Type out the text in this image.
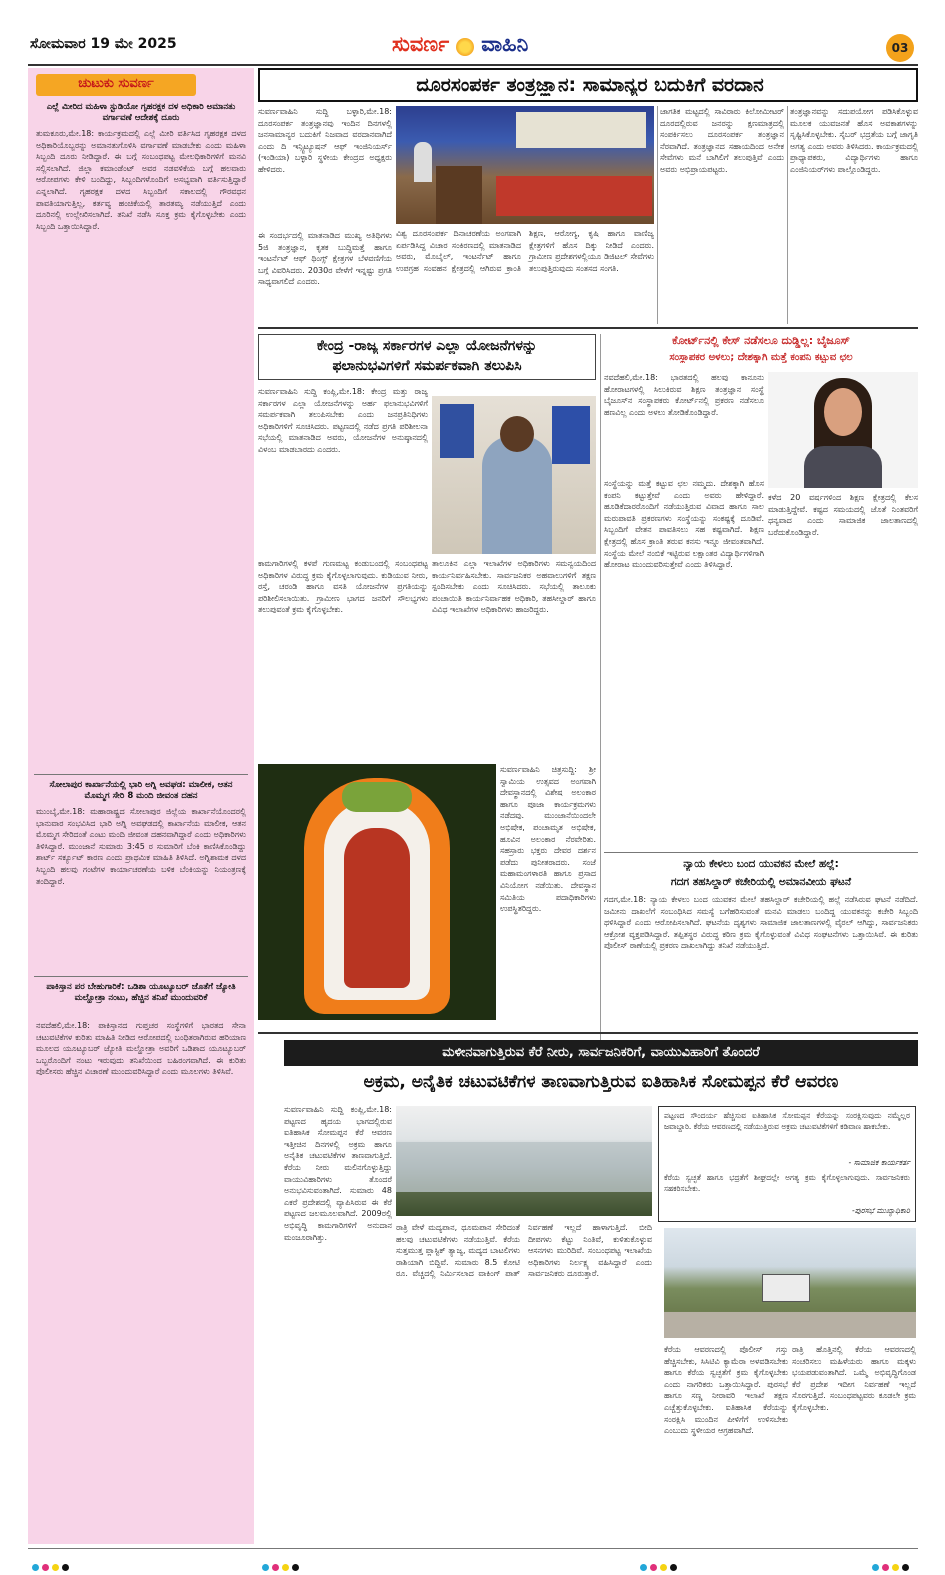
ಸೋಮವಾರ 19 ಮೇ 2025	ಸುವರ್ಣ ವಾಹಿನಿ	03
ಚುಟುಕು ಸುವರ್ಣ
ಎಲ್ಲೆ ಮೀರಿದ ಮಹಿಳಾ ಸ್ಟುಡಿಯೋ ಗೃಹರಕ್ಷಕ ದಳ ಅಧಿಕಾರಿ ಅಮಾನತು ವರ್ಗಾವಣೆ ಆದೇಶಕ್ಕೆ ದೂರು
ತುಮಕೂರು,ಮೇ.18: ಕಾರ್ಯಕ್ರಮದಲ್ಲಿ ಎಲ್ಲೆ ಮೀರಿ ವರ್ತಿಸಿದ ಗೃಹರಕ್ಷಕ ದಳದ ಅಧಿಕಾರಿಯೊಬ್ಬರನ್ನು ಅಮಾನತುಗೊಳಿಸಿ ವರ್ಗಾವಣೆ ಮಾಡಬೇಕು ಎಂದು ಮಹಿಳಾ ಸಿಬ್ಬಂದಿ ದೂರು ನೀಡಿದ್ದಾರೆ. ಈ ಬಗ್ಗೆ ಸಂಬಂಧಪಟ್ಟ ಮೇಲಧಿಕಾರಿಗಳಿಗೆ ಮನವಿ ಸಲ್ಲಿಸಲಾಗಿದೆ. ಜಿಲ್ಲಾ ಕಮಾಂಡೆಂಟ್ ಅವರ ನಡವಳಿಕೆಯ ಬಗ್ಗೆ ಹಲವಾರು ಆರೋಪಗಳು ಕೇಳಿ ಬಂದಿದ್ದು, ಸಿಬ್ಬಂದಿಗಳೊಂದಿಗೆ ಅಸಭ್ಯವಾಗಿ ವರ್ತಿಸುತ್ತಿದ್ದಾರೆ ಎನ್ನಲಾಗಿದೆ. ಗೃಹರಕ್ಷಕ ದಳದ ಸಿಬ್ಬಂದಿಗೆ ಸಕಾಲದಲ್ಲಿ ಗೌರವಧನ ಪಾವತಿಯಾಗುತ್ತಿಲ್ಲ, ಕರ್ತವ್ಯ ಹಂಚಿಕೆಯಲ್ಲಿ ತಾರತಮ್ಯ ನಡೆಯುತ್ತಿದೆ ಎಂದು ದೂರಿನಲ್ಲಿ ಉಲ್ಲೇಖಿಸಲಾಗಿದೆ. ತನಿಖೆ ನಡೆಸಿ ಸೂಕ್ತ ಕ್ರಮ ಕೈಗೊಳ್ಳಬೇಕು ಎಂದು ಸಿಬ್ಬಂದಿ ಒತ್ತಾಯಿಸಿದ್ದಾರೆ.
ಸೋಲಾಪುರ ಕಾರ್ಖಾನೆಯಲ್ಲಿ ಭಾರಿ ಅಗ್ನಿ ಅವಘಡ: ಮಾಲೀಕ, ಆತನ ಮೊಮ್ಮಗ ಸೇರಿ 8 ಮಂದಿ ಜೀವಂತ ದಹನ
ಮುಂಬೈ,ಮೇ.18: ಮಹಾರಾಷ್ಟ್ರದ ಸೋಲಾಪುರ ಜಿಲ್ಲೆಯ ಕಾರ್ಖಾನೆಯೊಂದರಲ್ಲಿ ಭಾನುವಾರ ಸಂಭವಿಸಿದ ಭಾರಿ ಅಗ್ನಿ ಅವಘಡದಲ್ಲಿ ಕಾರ್ಖಾನೆಯ ಮಾಲೀಕ, ಆತನ ಮೊಮ್ಮಗ ಸೇರಿದಂತೆ ಎಂಟು ಮಂದಿ ಜೀವಂತ ದಹನವಾಗಿದ್ದಾರೆ ಎಂದು ಅಧಿಕಾರಿಗಳು ತಿಳಿಸಿದ್ದಾರೆ. ಮುಂಜಾನೆ ಸುಮಾರು 3:45 ರ ಸುಮಾರಿಗೆ ಬೆಂಕಿ ಕಾಣಿಸಿಕೊಂಡಿದ್ದು ಶಾರ್ಟ್ ಸರ್ಕ್ಯೂಟ್ ಕಾರಣ ಎಂದು ಪ್ರಾಥಮಿಕ ಮಾಹಿತಿ ತಿಳಿಸಿದೆ. ಅಗ್ನಿಶಾಮಕ ದಳದ ಸಿಬ್ಬಂದಿ ಹಲವು ಗಂಟೆಗಳ ಕಾರ್ಯಾಚರಣೆಯ ಬಳಿಕ ಬೆಂಕಿಯನ್ನು ನಿಯಂತ್ರಣಕ್ಕೆ ತಂದಿದ್ದಾರೆ.
ಪಾಕಿಸ್ತಾನ ಪರ ಬೇಹುಗಾರಿಕೆ: ಒಡಿಶಾ ಯೂಟ್ಯೂಬರ್ ಜೊತೆಗೆ ಜ್ಯೋತಿ ಮಲ್ಹೋತ್ರಾ ನಂಟು, ಹೆಚ್ಚಿನ ತನಿಖೆ ಮುಂದುವರಿಕೆ
ನವದೆಹಲಿ,ಮೇ.18: ಪಾಕಿಸ್ತಾನದ ಗುಪ್ತಚರ ಸಂಸ್ಥೆಗಳಿಗೆ ಭಾರತದ ಸೇನಾ ಚಟುವಟಿಕೆಗಳ ಕುರಿತು ಮಾಹಿತಿ ನೀಡಿದ ಆರೋಪದಲ್ಲಿ ಬಂಧಿತರಾಗಿರುವ ಹರಿಯಾಣ ಮೂಲದ ಯೂಟ್ಯೂಬರ್ ಜ್ಯೋತಿ ಮಲ್ಹೋತ್ರಾ ಅವರಿಗೆ ಒಡಿಶಾದ ಯೂಟ್ಯೂಬರ್ ಒಬ್ಬರೊಂದಿಗೆ ನಂಟು ಇರುವುದು ತನಿಖೆಯಿಂದ ಬಹಿರಂಗವಾಗಿದೆ. ಈ ಕುರಿತು ಪೊಲೀಸರು ಹೆಚ್ಚಿನ ವಿಚಾರಣೆ ಮುಂದುವರಿಸಿದ್ದಾರೆ ಎಂದು ಮೂಲಗಳು ತಿಳಿಸಿವೆ.
ದೂರಸಂಪರ್ಕ ತಂತ್ರಜ್ಞಾನ: ಸಾಮಾನ್ಯರ ಬದುಕಿಗೆ ವರದಾನ
ಸುವರ್ಣವಾಹಿನಿ ಸುದ್ದಿ ಬಳ್ಳಾರಿ,ಮೇ.18: ದೂರಸಂಪರ್ಕ ತಂತ್ರಜ್ಞಾನವು ಇಂದಿನ ದಿನಗಳಲ್ಲಿ ಜನಸಾಮಾನ್ಯರ ಬದುಕಿಗೆ ನಿಜವಾದ ವರದಾನವಾಗಿದೆ ಎಂದು ದಿ ಇನ್ಸ್ಟಿಟ್ಯೂಷನ್ ಆಫ್ ಇಂಜಿನಿಯರ್ಸ್ (ಇಂಡಿಯಾ) ಬಳ್ಳಾರಿ ಸ್ಥಳೀಯ ಕೇಂದ್ರದ ಅಧ್ಯಕ್ಷರು ಹೇಳಿದರು.
ವಿಶ್ವ ದೂರಸಂಪರ್ಕ ದಿನಾಚರಣೆಯ ಅಂಗವಾಗಿ ಏರ್ಪಡಿಸಿದ್ದ ವಿಚಾರ ಸಂಕಿರಣದಲ್ಲಿ ಮಾತನಾಡಿದ ಅವರು, ಮೊಬೈಲ್, ಇಂಟರ್ನೆಟ್ ಹಾಗೂ ಉಪಗ್ರಹ ಸಂವಹನ ಕ್ಷೇತ್ರದಲ್ಲಿ ಆಗಿರುವ ಕ್ರಾಂತಿ ಶಿಕ್ಷಣ, ಆರೋಗ್ಯ, ಕೃಷಿ ಹಾಗೂ ವಾಣಿಜ್ಯ ಕ್ಷೇತ್ರಗಳಿಗೆ ಹೊಸ ದಿಕ್ಕು ನೀಡಿದೆ ಎಂದರು. ಗ್ರಾಮೀಣ ಪ್ರದೇಶಗಳಲ್ಲಿಯೂ ಡಿಜಿಟಲ್ ಸೇವೆಗಳು ತಲುಪುತ್ತಿರುವುದು ಸಂತಸದ ಸಂಗತಿ.
ಜಾಗತಿಕ ಮಟ್ಟದಲ್ಲಿ ಸಾವಿರಾರು ಕಿಲೋಮೀಟರ್ ದೂರದಲ್ಲಿರುವ ಜನರನ್ನು ಕ್ಷಣಮಾತ್ರದಲ್ಲಿ ಸಂಪರ್ಕಿಸಲು ದೂರಸಂಪರ್ಕ ತಂತ್ರಜ್ಞಾನ ನೆರವಾಗಿದೆ. ತಂತ್ರಜ್ಞಾನದ ಸಹಾಯದಿಂದ ಅನೇಕ ಸೇವೆಗಳು ಮನೆ ಬಾಗಿಲಿಗೆ ತಲುಪುತ್ತಿವೆ ಎಂದು ಅವರು ಅಭಿಪ್ರಾಯಪಟ್ಟರು.
ತಂತ್ರಜ್ಞಾನವನ್ನು ಸದುಪಯೋಗ ಪಡಿಸಿಕೊಳ್ಳುವ ಮೂಲಕ ಯುವಜನತೆ ಹೊಸ ಅವಕಾಶಗಳನ್ನು ಸೃಷ್ಟಿಸಿಕೊಳ್ಳಬೇಕು. ಸೈಬರ್ ಭದ್ರತೆಯ ಬಗ್ಗೆ ಜಾಗೃತಿ ಅಗತ್ಯ ಎಂದು ಅವರು ತಿಳಿಸಿದರು. ಕಾರ್ಯಕ್ರಮದಲ್ಲಿ ಪ್ರಾಧ್ಯಾಪಕರು, ವಿದ್ಯಾರ್ಥಿಗಳು ಹಾಗೂ ಎಂಜಿನಿಯರ್‌ಗಳು ಪಾಲ್ಗೊಂಡಿದ್ದರು.
ಈ ಸಂದರ್ಭದಲ್ಲಿ ಮಾತನಾಡಿದ ಮುಖ್ಯ ಅತಿಥಿಗಳು 5ಜಿ ತಂತ್ರಜ್ಞಾನ, ಕೃತಕ ಬುದ್ಧಿಮತ್ತೆ ಹಾಗೂ ಇಂಟರ್ನೆಟ್ ಆಫ್ ಥಿಂಗ್ಸ್ ಕ್ಷೇತ್ರಗಳ ಬೆಳವಣಿಗೆಯ ಬಗ್ಗೆ ವಿವರಿಸಿದರು. 2030ರ ವೇಳೆಗೆ ಇನ್ನಷ್ಟು ಪ್ರಗತಿ ಸಾಧ್ಯವಾಗಲಿದೆ ಎಂದರು.
ಕೇಂದ್ರ -ರಾಜ್ಯ ಸರ್ಕಾರಗಳ ಎಲ್ಲಾ ಯೋಜನೆಗಳನ್ನು
ಫಲಾನುಭವಿಗಳಿಗೆ ಸಮರ್ಪಕವಾಗಿ ತಲುಪಿಸಿ
ಸುವರ್ಣವಾಹಿನಿ ಸುದ್ದಿ ಕಂಪ್ಲಿ,ಮೇ.18: ಕೇಂದ್ರ ಮತ್ತು ರಾಜ್ಯ ಸರ್ಕಾರಗಳ ಎಲ್ಲಾ ಯೋಜನೆಗಳನ್ನು ಅರ್ಹ ಫಲಾನುಭವಿಗಳಿಗೆ ಸಮರ್ಪಕವಾಗಿ ತಲುಪಿಸಬೇಕು ಎಂದು ಜನಪ್ರತಿನಿಧಿಗಳು ಅಧಿಕಾರಿಗಳಿಗೆ ಸೂಚಿಸಿದರು. ಪಟ್ಟಣದಲ್ಲಿ ನಡೆದ ಪ್ರಗತಿ ಪರಿಶೀಲನಾ ಸಭೆಯಲ್ಲಿ ಮಾತನಾಡಿದ ಅವರು, ಯೋಜನೆಗಳ ಅನುಷ್ಠಾನದಲ್ಲಿ ವಿಳಂಬ ಮಾಡಬಾರದು ಎಂದರು.
ಕಾಮಗಾರಿಗಳಲ್ಲಿ ಕಳಪೆ ಗುಣಮಟ್ಟ ಕಂಡುಬಂದಲ್ಲಿ ಸಂಬಂಧಪಟ್ಟ ಅಧಿಕಾರಿಗಳ ವಿರುದ್ಧ ಕ್ರಮ ಕೈಗೊಳ್ಳಲಾಗುವುದು. ಕುಡಿಯುವ ನೀರು, ರಸ್ತೆ, ಚರಂಡಿ ಹಾಗೂ ವಸತಿ ಯೋಜನೆಗಳ ಪ್ರಗತಿಯನ್ನು ಪರಿಶೀಲಿಸಲಾಯಿತು. ಗ್ರಾಮೀಣ ಭಾಗದ ಜನರಿಗೆ ಸೌಲಭ್ಯಗಳು ತಲುಪುವಂತೆ ಕ್ರಮ ಕೈಗೊಳ್ಳಬೇಕು.
ತಾಲೂಕಿನ ಎಲ್ಲಾ ಇಲಾಖೆಗಳ ಅಧಿಕಾರಿಗಳು ಸಮನ್ವಯದಿಂದ ಕಾರ್ಯನಿರ್ವಹಿಸಬೇಕು. ಸಾರ್ವಜನಿಕರ ಅಹವಾಲುಗಳಿಗೆ ತಕ್ಷಣ ಸ್ಪಂದಿಸಬೇಕು ಎಂದು ಸೂಚಿಸಿದರು. ಸಭೆಯಲ್ಲಿ ತಾಲೂಕು ಪಂಚಾಯಿತಿ ಕಾರ್ಯನಿರ್ವಾಹಕ ಅಧಿಕಾರಿ, ತಹಸೀಲ್ದಾರ್ ಹಾಗೂ ವಿವಿಧ ಇಲಾಖೆಗಳ ಅಧಿಕಾರಿಗಳು ಹಾಜರಿದ್ದರು.
ಕೋರ್ಟ್‌ನಲ್ಲಿ ಕೇಸ್ ನಡೆಸಲೂ ದುಡ್ಡಿಲ್ಲ: ಬೈಜೂಸ್
ಸಂಸ್ಥಾಪಕರ ಅಳಲು; ದೇಶಕ್ಕಾಗಿ ಮತ್ತೆ ಕಂಪನಿ ಕಟ್ಟುವ ಛಲ
ನವದೆಹಲಿ,ಮೇ.18: ಭಾರತದಲ್ಲಿ ಹಲವು ಕಾನೂನು ಹೋರಾಟಗಳಲ್ಲಿ ಸಿಲುಕಿರುವ ಶಿಕ್ಷಣ ತಂತ್ರಜ್ಞಾನ ಸಂಸ್ಥೆ ಬೈಜೂಸ್‌ನ ಸಂಸ್ಥಾಪಕರು ಕೋರ್ಟ್‌ನಲ್ಲಿ ಪ್ರಕರಣ ನಡೆಸಲೂ ಹಣವಿಲ್ಲ ಎಂದು ಅಳಲು ತೋಡಿಕೊಂಡಿದ್ದಾರೆ.
ಸಂಸ್ಥೆಯನ್ನು ಮತ್ತೆ ಕಟ್ಟುವ ಛಲ ನಮ್ಮದು. ದೇಶಕ್ಕಾಗಿ ಹೊಸ ಕಂಪನಿ ಕಟ್ಟುತ್ತೇವೆ ಎಂದು ಅವರು ಹೇಳಿದ್ದಾರೆ. ಹೂಡಿಕೆದಾರರೊಂದಿಗೆ ನಡೆಯುತ್ತಿರುವ ವಿವಾದ ಹಾಗೂ ಸಾಲ ಮರುಪಾವತಿ ಪ್ರಕರಣಗಳು ಸಂಸ್ಥೆಯನ್ನು ಸಂಕಷ್ಟಕ್ಕೆ ದೂಡಿವೆ. ಸಿಬ್ಬಂದಿಗೆ ವೇತನ ಪಾವತಿಸಲು ಸಹ ಕಷ್ಟವಾಗಿದೆ. ಶಿಕ್ಷಣ ಕ್ಷೇತ್ರದಲ್ಲಿ ಹೊಸ ಕ್ರಾಂತಿ ತರುವ ಕನಸು ಇನ್ನೂ ಜೀವಂತವಾಗಿದೆ. ಸಂಸ್ಥೆಯ ಮೇಲೆ ನಂಬಿಕೆ ಇಟ್ಟಿರುವ ಲಕ್ಷಾಂತರ ವಿದ್ಯಾರ್ಥಿಗಳಿಗಾಗಿ ಹೋರಾಟ ಮುಂದುವರಿಸುತ್ತೇವೆ ಎಂದು ತಿಳಿಸಿದ್ದಾರೆ.
ಕಳೆದ 20 ವರ್ಷಗಳಿಂದ ಶಿಕ್ಷಣ ಕ್ಷೇತ್ರದಲ್ಲಿ ಕೆಲಸ ಮಾಡುತ್ತಿದ್ದೇವೆ. ಕಷ್ಟದ ಸಮಯದಲ್ಲಿ ಜೊತೆ ನಿಂತವರಿಗೆ ಧನ್ಯವಾದ ಎಂದು ಸಾಮಾಜಿಕ ಜಾಲತಾಣದಲ್ಲಿ ಬರೆದುಕೊಂಡಿದ್ದಾರೆ.
ಸುವರ್ಣವಾಹಿನಿ ಚಿತ್ರಸುದ್ದಿ: ಶ್ರೀ ಸ್ವಾಮಿಯ ಉತ್ಸವದ ಅಂಗವಾಗಿ ದೇವಸ್ಥಾನದಲ್ಲಿ ವಿಶೇಷ ಅಲಂಕಾರ ಹಾಗೂ ಪೂಜಾ ಕಾರ್ಯಕ್ರಮಗಳು ನಡೆದವು. ಮುಂಜಾನೆಯಿಂದಲೇ ಅಭಿಷೇಕ, ಪಂಚಾಮೃತ ಅಭಿಷೇಕ, ಹೂವಿನ ಅಲಂಕಾರ ನೆರವೇರಿತು. ಸಹಸ್ರಾರು ಭಕ್ತರು ದೇವರ ದರ್ಶನ ಪಡೆದು ಪುನೀತರಾದರು. ಸಂಜೆ ಮಹಾಮಂಗಳಾರತಿ ಹಾಗೂ ಪ್ರಸಾದ ವಿನಿಯೋಗ ನಡೆಯಿತು. ದೇವಸ್ಥಾನ ಸಮಿತಿಯ ಪದಾಧಿಕಾರಿಗಳು ಉಪಸ್ಥಿತರಿದ್ದರು.
ನ್ಯಾಯ ಕೇಳಲು ಬಂದ ಯುವಕನ ಮೇಲೆ ಹಲ್ಲೆ:
ಗದಗ ತಹಸಿಲ್ದಾರ್ ಕಚೇರಿಯಲ್ಲಿ ಅಮಾನವೀಯ ಘಟನೆ
ಗದಗ,ಮೇ.18: ನ್ಯಾಯ ಕೇಳಲು ಬಂದ ಯುವಕನ ಮೇಲೆ ತಹಸಿಲ್ದಾರ್ ಕಚೇರಿಯಲ್ಲಿ ಹಲ್ಲೆ ನಡೆಸಿರುವ ಘಟನೆ ನಡೆದಿದೆ. ಜಮೀನು ದಾಖಲೆಗೆ ಸಂಬಂಧಿಸಿದ ಸಮಸ್ಯೆ ಬಗೆಹರಿಸುವಂತೆ ಮನವಿ ಮಾಡಲು ಬಂದಿದ್ದ ಯುವಕನನ್ನು ಕಚೇರಿ ಸಿಬ್ಬಂದಿ ಥಳಿಸಿದ್ದಾರೆ ಎಂದು ಆರೋಪಿಸಲಾಗಿದೆ. ಘಟನೆಯ ದೃಶ್ಯಗಳು ಸಾಮಾಜಿಕ ಜಾಲತಾಣಗಳಲ್ಲಿ ವೈರಲ್ ಆಗಿದ್ದು, ಸಾರ್ವಜನಿಕರು ಆಕ್ರೋಶ ವ್ಯಕ್ತಪಡಿಸಿದ್ದಾರೆ. ತಪ್ಪಿತಸ್ಥರ ವಿರುದ್ಧ ಕಠಿಣ ಕ್ರಮ ಕೈಗೊಳ್ಳುವಂತೆ ವಿವಿಧ ಸಂಘಟನೆಗಳು ಒತ್ತಾಯಿಸಿವೆ. ಈ ಕುರಿತು ಪೊಲೀಸ್ ಠಾಣೆಯಲ್ಲಿ ಪ್ರಕರಣ ದಾಖಲಾಗಿದ್ದು ತನಿಖೆ ನಡೆಯುತ್ತಿದೆ.
ಮಳೀನವಾಗುತ್ತಿರುವ ಕೆರೆ ನೀರು, ಸಾರ್ವಜನಿಕರಿಗೆ, ವಾಯುವಿಹಾರಿಗೆ ತೊಂದರೆ
ಅಕ್ರಮ, ಅನೈತಿಕ ಚಟುವಟಿಕೆಗಳ ತಾಣವಾಗುತ್ತಿರುವ ಐತಿಹಾಸಿಕ ಸೋಮಪ್ಪನ ಕೆರೆ ಆವರಣ
ಸುವರ್ಣವಾಹಿನಿ ಸುದ್ದಿ ಕಂಪ್ಲಿ,ಮೇ.18: ಪಟ್ಟಣದ ಹೃದಯ ಭಾಗದಲ್ಲಿರುವ ಐತಿಹಾಸಿಕ ಸೋಮಪ್ಪನ ಕೆರೆ ಆವರಣ ಇತ್ತೀಚಿನ ದಿನಗಳಲ್ಲಿ ಅಕ್ರಮ ಹಾಗೂ ಅನೈತಿಕ ಚಟುವಟಿಕೆಗಳ ತಾಣವಾಗುತ್ತಿದೆ. ಕೆರೆಯ ನೀರು ಮಲಿನಗೊಳ್ಳುತ್ತಿದ್ದು ವಾಯುವಿಹಾರಿಗಳು ತೊಂದರೆ ಅನುಭವಿಸುವಂತಾಗಿದೆ. ಸುಮಾರು 48 ಎಕರೆ ಪ್ರದೇಶದಲ್ಲಿ ವ್ಯಾಪಿಸಿರುವ ಈ ಕೆರೆ ಪಟ್ಟಣದ ಜಲಮೂಲವಾಗಿದೆ. 2009ರಲ್ಲಿ ಅಭಿವೃದ್ಧಿ ಕಾಮಗಾರಿಗಳಿಗೆ ಅನುದಾನ ಮಂಜೂರಾಗಿತ್ತು.
ರಾತ್ರಿ ವೇಳೆ ಮದ್ಯಪಾನ, ಧೂಮಪಾನ ಸೇರಿದಂತೆ ಹಲವು ಚಟುವಟಿಕೆಗಳು ನಡೆಯುತ್ತಿವೆ. ಕೆರೆಯ ಸುತ್ತಮುತ್ತ ಪ್ಲಾಸ್ಟಿಕ್ ತ್ಯಾಜ್ಯ, ಮದ್ಯದ ಬಾಟಲಿಗಳು ರಾಶಿಯಾಗಿ ಬಿದ್ದಿವೆ. ಸುಮಾರು 8.5 ಕೋಟಿ ರೂ. ವೆಚ್ಚದಲ್ಲಿ ನಿರ್ಮಿಸಲಾದ ವಾಕಿಂಗ್ ಪಾತ್ ನಿರ್ವಹಣೆ ಇಲ್ಲದೆ ಹಾಳಾಗುತ್ತಿದೆ. ಬೀದಿ ದೀಪಗಳು ಕೆಟ್ಟು ನಿಂತಿವೆ, ಕುಳಿತುಕೊಳ್ಳುವ ಆಸನಗಳು ಮುರಿದಿವೆ. ಸಂಬಂಧಪಟ್ಟ ಇಲಾಖೆಯ ಅಧಿಕಾರಿಗಳು ನಿರ್ಲಕ್ಷ್ಯ ವಹಿಸಿದ್ದಾರೆ ಎಂದು ಸಾರ್ವಜನಿಕರು ದೂರುತ್ತಾರೆ.
ಪಟ್ಟಣದ ಸೌಂದರ್ಯ ಹೆಚ್ಚಿಸುವ ಐತಿಹಾಸಿಕ ಸೋಮಪ್ಪನ ಕೆರೆಯನ್ನು ಸಂರಕ್ಷಿಸುವುದು ನಮ್ಮೆಲ್ಲರ ಜವಾಬ್ದಾರಿ. ಕೆರೆಯ ಆವರಣದಲ್ಲಿ ನಡೆಯುತ್ತಿರುವ ಅಕ್ರಮ ಚಟುವಟಿಕೆಗಳಿಗೆ ಕಡಿವಾಣ ಹಾಕಬೇಕು.
- ಸಾಮಾಜಿಕ ಕಾರ್ಯಕರ್ತ
ಕೆರೆಯ ಸ್ವಚ್ಛತೆ ಹಾಗೂ ಭದ್ರತೆಗೆ ಶೀಘ್ರದಲ್ಲೇ ಅಗತ್ಯ ಕ್ರಮ ಕೈಗೊಳ್ಳಲಾಗುವುದು. ಸಾರ್ವಜನಿಕರು ಸಹಕರಿಸಬೇಕು.
-ಪುರಸಭೆ ಮುಖ್ಯಾಧಿಕಾರಿ
ಕೆರೆಯ ಆವರಣದಲ್ಲಿ ಪೊಲೀಸ್ ಗಸ್ತು ಹೆಚ್ಚಿಸಬೇಕು, ಸಿಸಿಟಿವಿ ಕ್ಯಾಮೆರಾ ಅಳವಡಿಸಬೇಕು ಹಾಗೂ ಕೆರೆಯ ಸ್ವಚ್ಛತೆಗೆ ಕ್ರಮ ಕೈಗೊಳ್ಳಬೇಕು ಎಂದು ನಾಗರಿಕರು ಒತ್ತಾಯಿಸಿದ್ದಾರೆ. ಪುರಸಭೆ ಹಾಗೂ ಸಣ್ಣ ನೀರಾವರಿ ಇಲಾಖೆ ತಕ್ಷಣ ಎಚ್ಚೆತ್ತುಕೊಳ್ಳಬೇಕು. ಐತಿಹಾಸಿಕ ಕೆರೆಯನ್ನು ಸಂರಕ್ಷಿಸಿ ಮುಂದಿನ ಪೀಳಿಗೆಗೆ ಉಳಿಸಬೇಕು ಎಂಬುದು ಸ್ಥಳೀಯರ ಆಗ್ರಹವಾಗಿದೆ.
ರಾತ್ರಿ ಹೊತ್ತಿನಲ್ಲಿ ಕೆರೆಯ ಆವರಣದಲ್ಲಿ ಸಂಚರಿಸಲು ಮಹಿಳೆಯರು ಹಾಗೂ ಮಕ್ಕಳು ಭಯಪಡುವಂತಾಗಿದೆ. ಒಮ್ಮೆ ಅಭಿವೃದ್ಧಿಗೊಂಡ ಕೆರೆ ಪ್ರದೇಶ ಇದೀಗ ನಿರ್ವಹಣೆ ಇಲ್ಲದೆ ಸೊರಗುತ್ತಿದೆ. ಸಂಬಂಧಪಟ್ಟವರು ಕೂಡಲೇ ಕ್ರಮ ಕೈಗೊಳ್ಳಬೇಕು.
